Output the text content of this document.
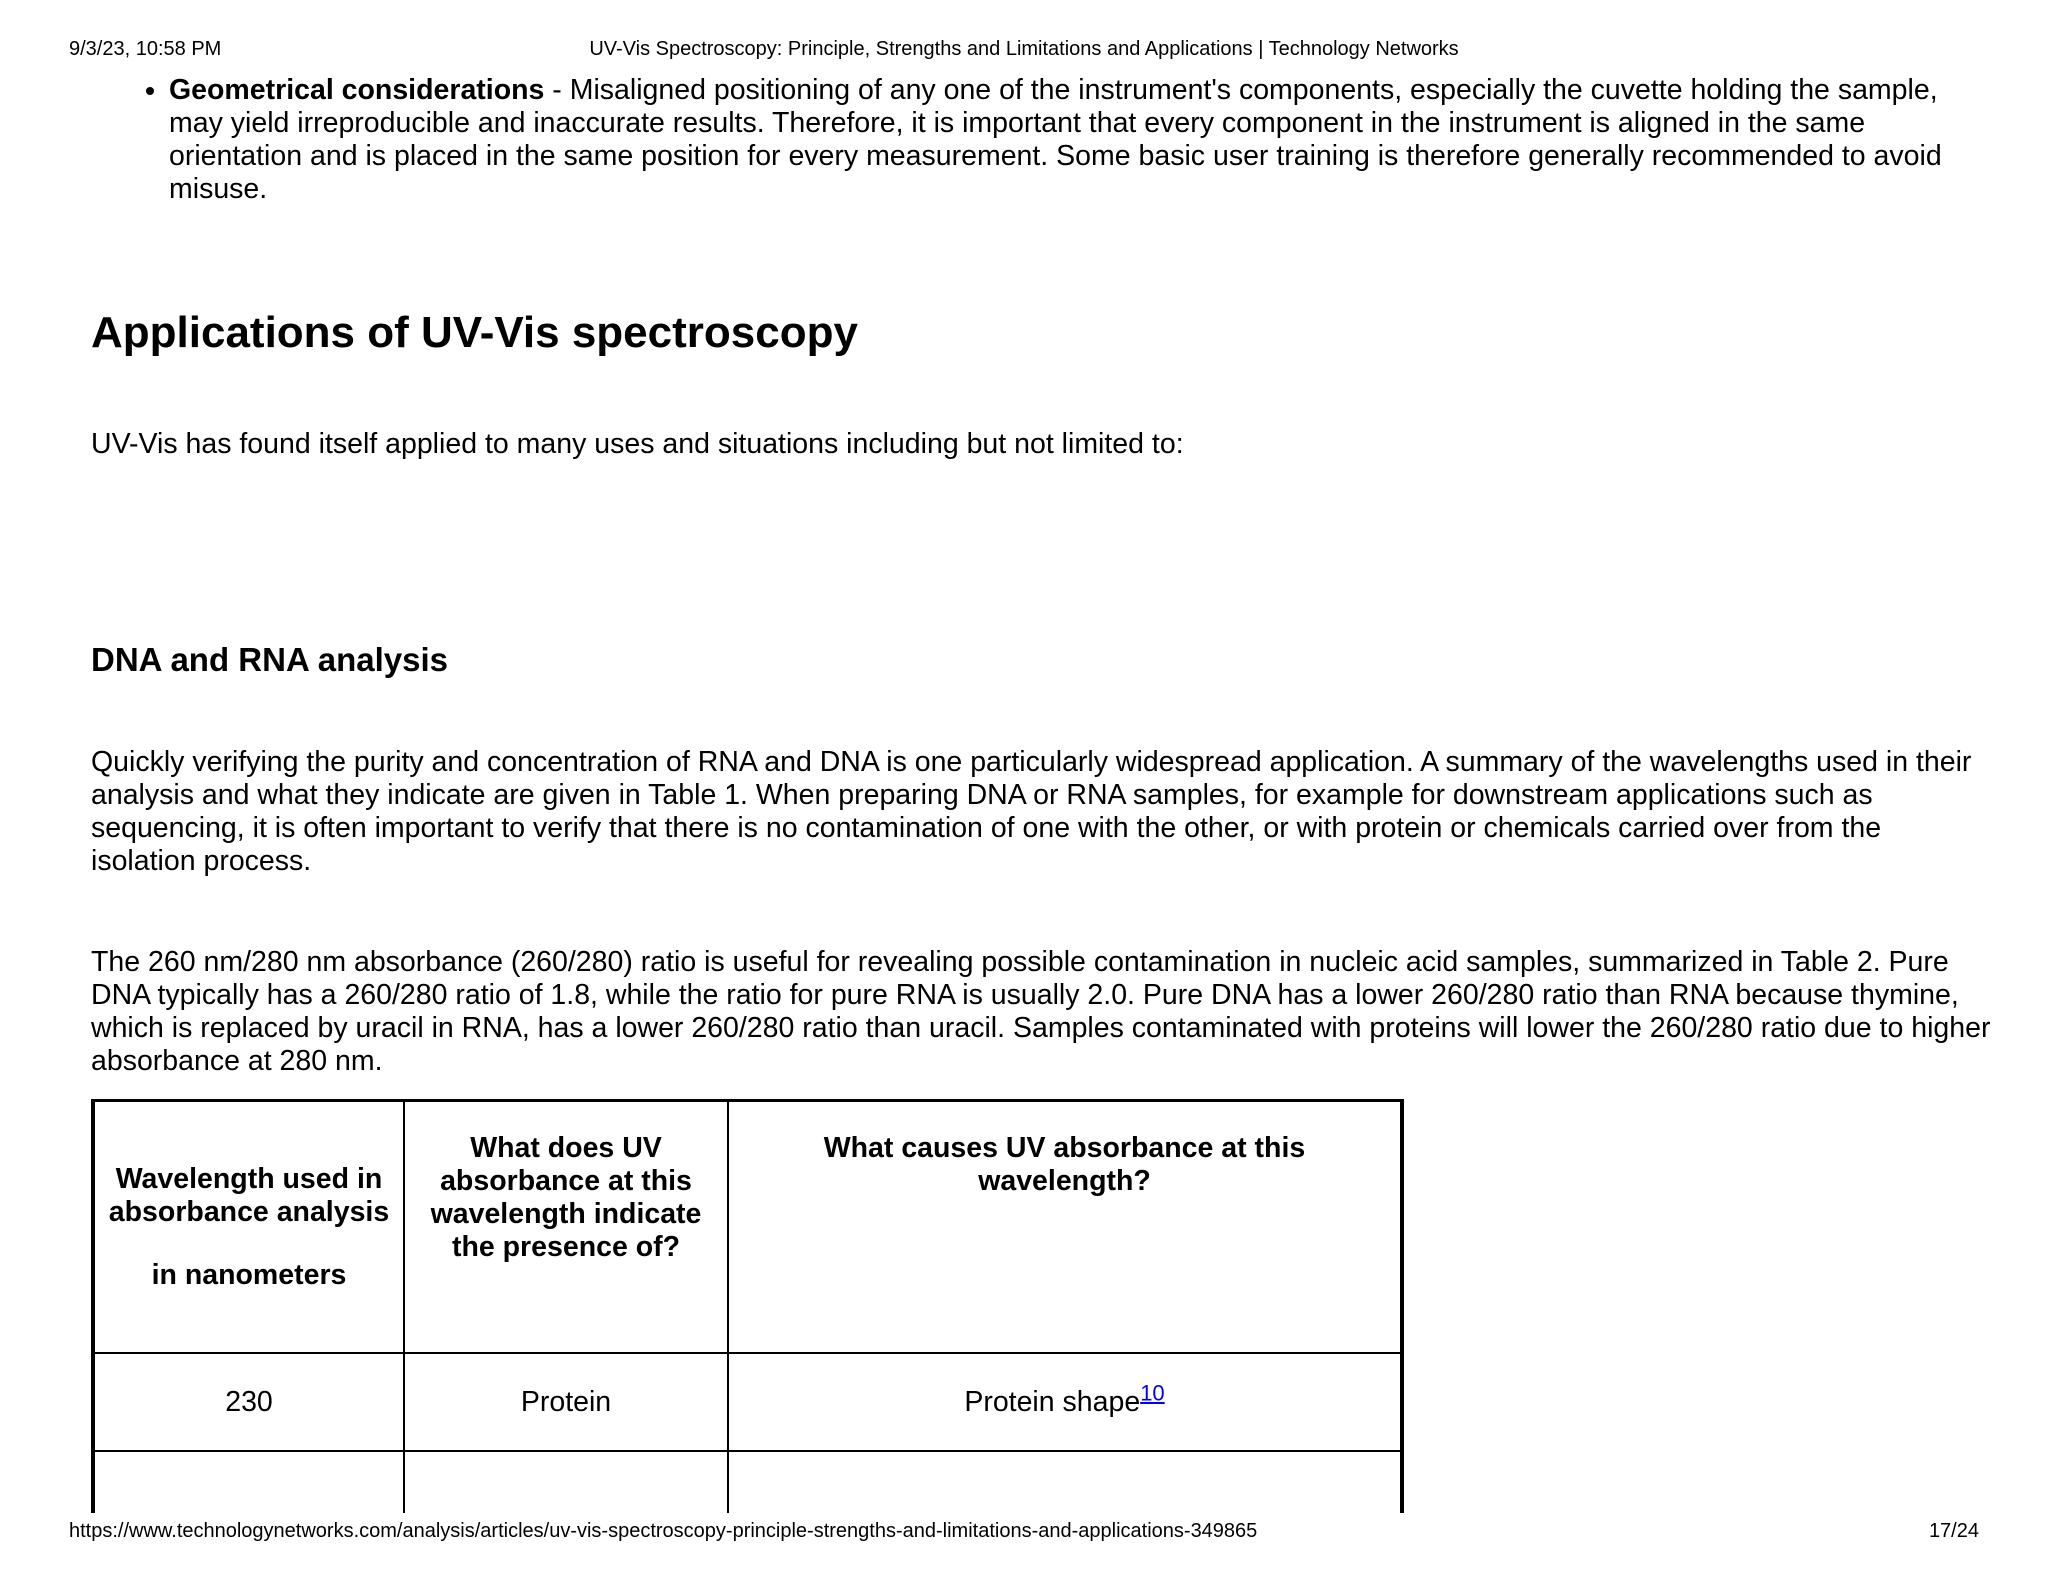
9/3/23, 10:58 PM	UV-Vis Spectroscopy: Principle, Strengths and Limitations and Applications | Technology Networks
• Geometrical considerations - Misaligned positioning of any one of the instrument's components, especially the cuvette holding the sample, may yield irreproducible and inaccurate results. Therefore, it is important that every component in the instrument is aligned in the same orientation and is placed in the same position for every measurement. Some basic user training is therefore generally recommended to avoid misuse.
Applications of UV-Vis spectroscopy

UV-Vis has found itself applied to many uses and situations including but not limited to:

DNA and RNA analysis

Quickly verifying the purity and concentration of RNA and DNA is one particularly widespread application. A summary of the wavelengths used in their analysis and what they indicate are given in Table 1. When preparing DNA or RNA samples, for example for downstream applications such as sequencing, it is often important to verify that there is no contamination of one with the other, or with protein or chemicals carried over from the isolation process.

The 260 nm/280 nm absorbance (260/280) ratio is useful for revealing possible contamination in nucleic acid samples, summarized in Table 2. Pure DNA typically has a 260/280 ratio of 1.8, while the ratio for pure RNA is usually 2.0. Pure DNA has a lower 260/280 ratio than RNA because thymine, which is replaced by uracil in RNA, has a lower 260/280 ratio than uracil. Samples contaminated with proteins will lower the 260/280 ratio due to higher absorbance at 280 nm.

Wavelength used in absorbance analysis
in nanometers	What does UV absorbance at this wavelength indicate the presence of?	What causes UV absorbance at this wavelength?

230	Protein	Protein shape$^{10}$

https://www.technologynetworks.com/analysis/articles/uv-vis-spectroscopy-principle-strengths-and-limitations-and-applications-349865	17/24
